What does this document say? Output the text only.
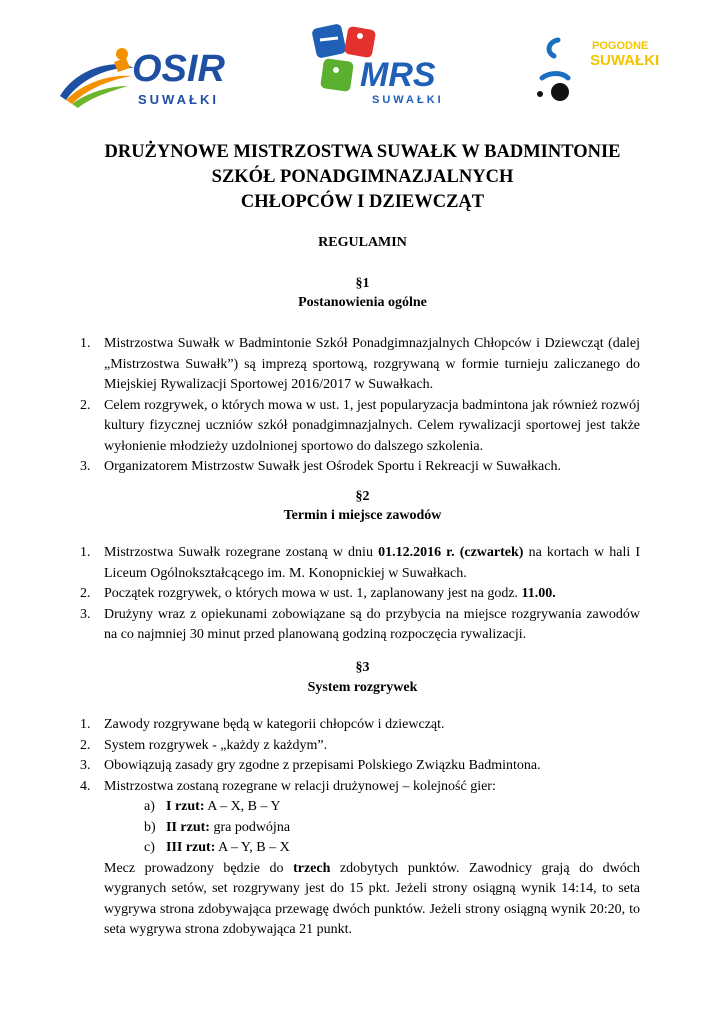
OSIR
SUWAŁKI
MRS
SUWAŁKI
POGODNE
SUWAŁKI
DRUŻYNOWE MISTRZOSTWA SUWAŁK W BADMINTONIE
SZKÓŁ PONADGIMNAZJALNYCH
CHŁOPCÓW I DZIEWCZĄT
REGULAMIN
§1
Postanowienia ogólne
1. Mistrzostwa Suwałk w Badmintonie Szkół Ponadgimnazjalnych Chłopców i Dziewcząt (dalej „Mistrzostwa Suwałk”) są imprezą sportową, rozgrywaną w formie turnieju zaliczanego do Miejskiej Rywalizacji Sportowej 2016/2017 w Suwałkach.
2. Celem rozgrywek, o których mowa w ust. 1, jest popularyzacja badmintona jak również rozwój kultury fizycznej uczniów szkół ponadgimnazjalnych. Celem rywalizacji sportowej jest także wyłonienie młodzieży uzdolnionej sportowo do dalszego szkolenia.
3. Organizatorem Mistrzostw Suwałk jest Ośrodek Sportu i Rekreacji w Suwałkach.
§2
Termin i miejsce zawodów
1. Mistrzostwa Suwałk rozegrane zostaną w dniu 01.12.2016 r. (czwartek) na kortach w hali I Liceum Ogólnokształcącego im. M. Konopnickiej w Suwałkach.
2. Początek rozgrywek, o których mowa w ust. 1, zaplanowany jest na godz. 11.00.
3. Drużyny wraz z opiekunami zobowiązane są do przybycia na miejsce rozgrywania zawodów na co najmniej 30 minut przed planowaną godziną rozpoczęcia rywalizacji.
§3
System rozgrywek
1. Zawody rozgrywane będą w kategorii chłopców i dziewcząt.
2. System rozgrywek - „każdy z każdym”.
3. Obowiązują zasady gry zgodne z przepisami Polskiego Związku Badmintona.
4. Mistrzostwa zostaną rozegrane w relacji drużynowej – kolejność gier:
a) I rzut: A – X, B – Y
b) II rzut: gra podwójna
c) III rzut: A – Y, B – X
Mecz prowadzony będzie do trzech zdobytych punktów. Zawodnicy grają do dwóch wygranych setów, set rozgrywany jest do 15 pkt. Jeżeli strony osiągną wynik 14:14, to seta wygrywa strona zdobywająca przewagę dwóch punktów. Jeżeli strony osiągną wynik 20:20, to seta wygrywa strona zdobywająca 21 punkt.
